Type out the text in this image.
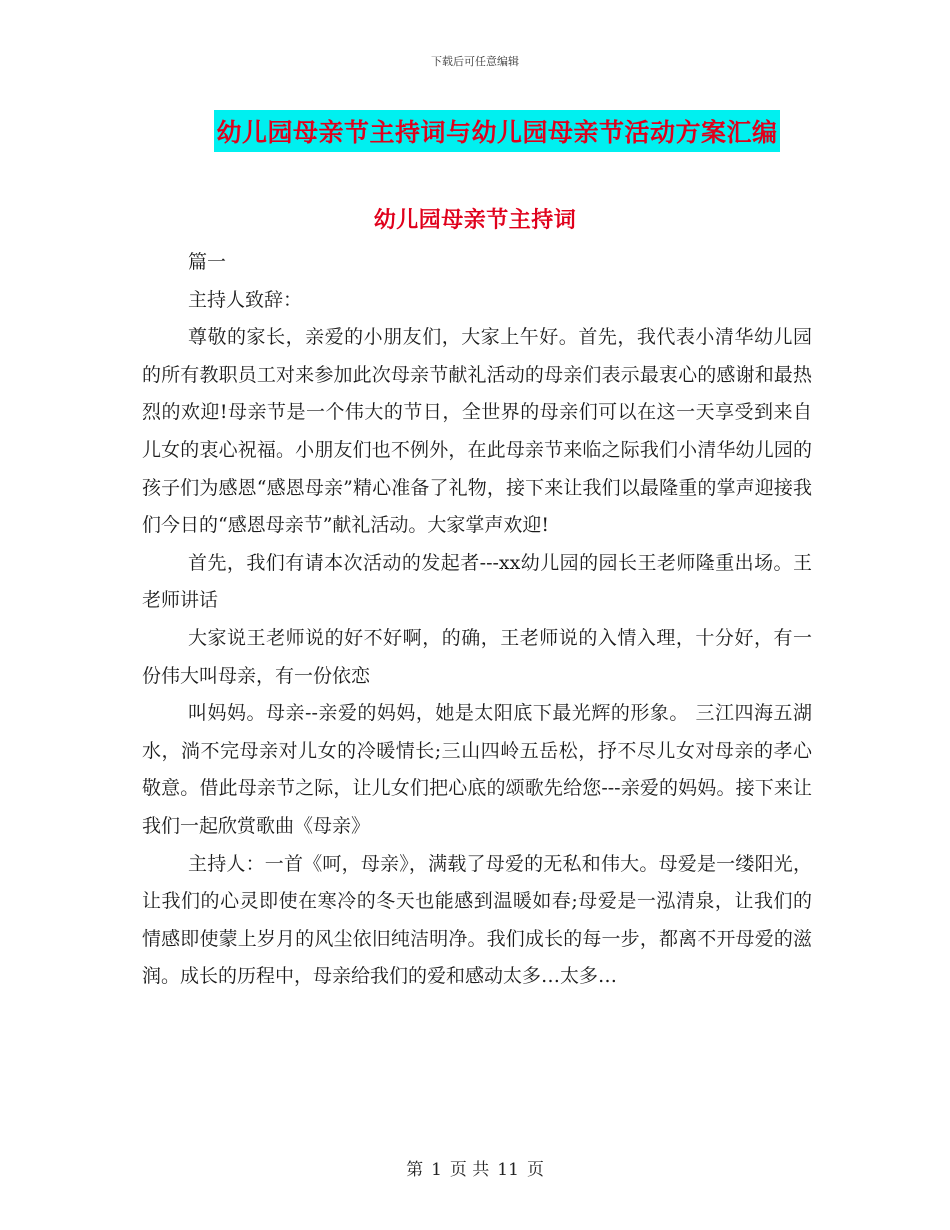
下载后可任意编辑
幼儿园母亲节主持词与幼儿园母亲节活动方案汇编
幼儿园母亲节主持词

篇一

主持人致辞：

尊敬的家长，亲爱的小朋友们，大家上午好。首先，我代表小清华幼儿园的所有教职员工对来参加此次母亲节献礼活动的母亲们表示最衷心的感谢和最热烈的欢迎!母亲节是一个伟大的节日，全世界的母亲们可以在这一天享受到来自儿女的衷心祝福。小朋友们也不例外，在此母亲节来临之际我们小清华幼儿园的孩子们为感恩“感恩母亲”精心准备了礼物，接下来让我们以最隆重的掌声迎接我们今日的“感恩母亲节”献礼活动。大家掌声欢迎!

首先，我们有请本次活动的发起者---xx幼儿园的园长王老师隆重出场。王老师讲话

大家说王老师说的好不好啊，的确，王老师说的入情入理，十分好，有一份伟大叫母亲，有一份依恋

叫妈妈。母亲--亲爱的妈妈，她是太阳底下最光辉的形象。 三江四海五湖水，淌不完母亲对儿女的冷暖情长;三山四岭五岳松，抒不尽儿女对母亲的孝心敬意。借此母亲节之际，让儿女们把心底的颂歌先给您---亲爱的妈妈。接下来让我们一起欣赏歌曲《母亲》

主持人：一首《呵，母亲》，满载了母爱的无私和伟大。母爱是一缕阳光，让我们的心灵即使在寒冷的冬天也能感到温暖如春;母爱是一泓清泉，让我们的情感即使蒙上岁月的风尘依旧纯洁明净。我们成长的每一步，都离不开母爱的滋润。成长的历程中，母亲给我们的爱和感动太多…太多…

第 1 页 共 11 页
